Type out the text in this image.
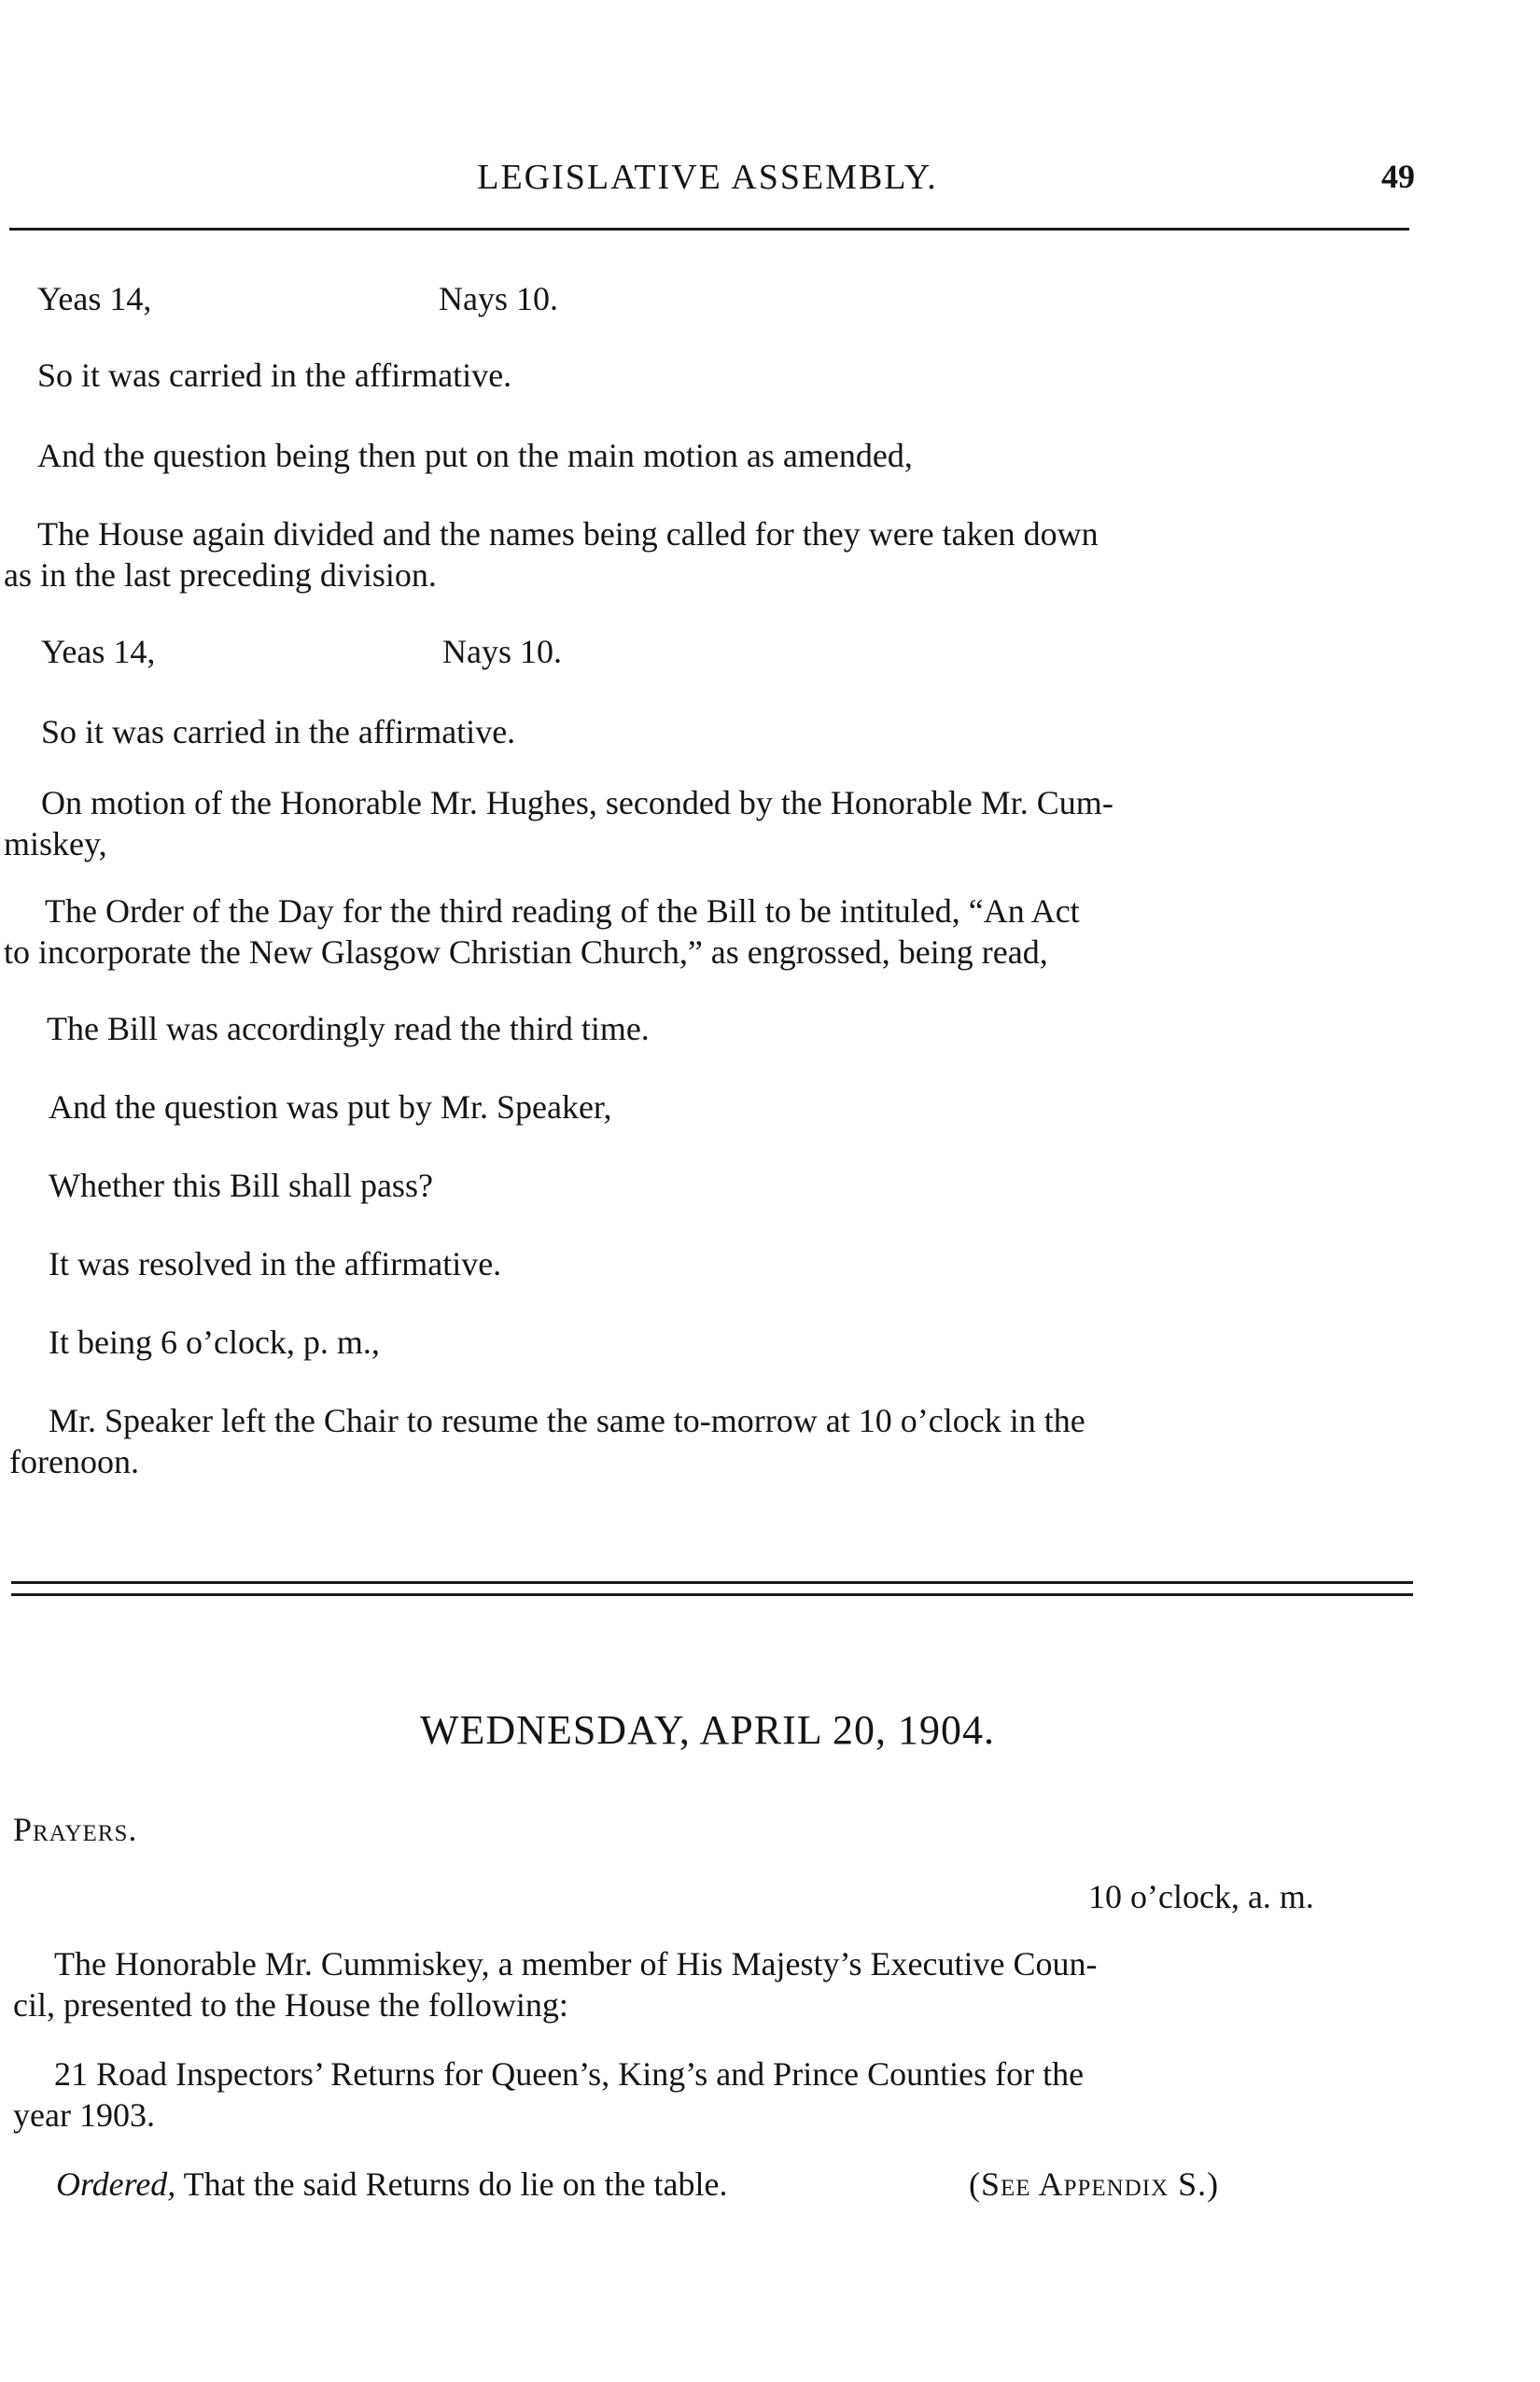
LEGISLATIVE ASSEMBLY.	49
Yeas 14,	Nays 10.
So it was carried in the affirmative.
And the question being then put on the main motion as amended,
The House again divided and the names being called for they were taken down
as in the last preceding division.
Yeas 14,	Nays 10.
So it was carried in the affirmative.
On motion of the Honorable Mr. Hughes, seconded by the Honorable Mr. Cum-
miskey,
The Order of the Day for the third reading of the Bill to be intituled, “An Act
to incorporate the New Glasgow Christian Church,” as engrossed, being read,
The Bill was accordingly read the third time.
And the question was put by Mr. Speaker,
Whether this Bill shall pass?
It was resolved in the affirmative.
It being 6 o’clock, p. m.,
Mr. Speaker left the Chair to resume the same to-morrow at 10 o’clock in the
forenoon.
WEDNESDAY, APRIL 20, 1904.
Prayers.
10 o’clock, a. m.
The Honorable Mr. Cummiskey, a member of His Majesty’s Executive Coun-
cil, presented to the House the following:
21 Road Inspectors’ Returns for Queen’s, King’s and Prince Counties for the
year 1903.
Ordered, That the said Returns do lie on the table.	(See Appendix S.)
